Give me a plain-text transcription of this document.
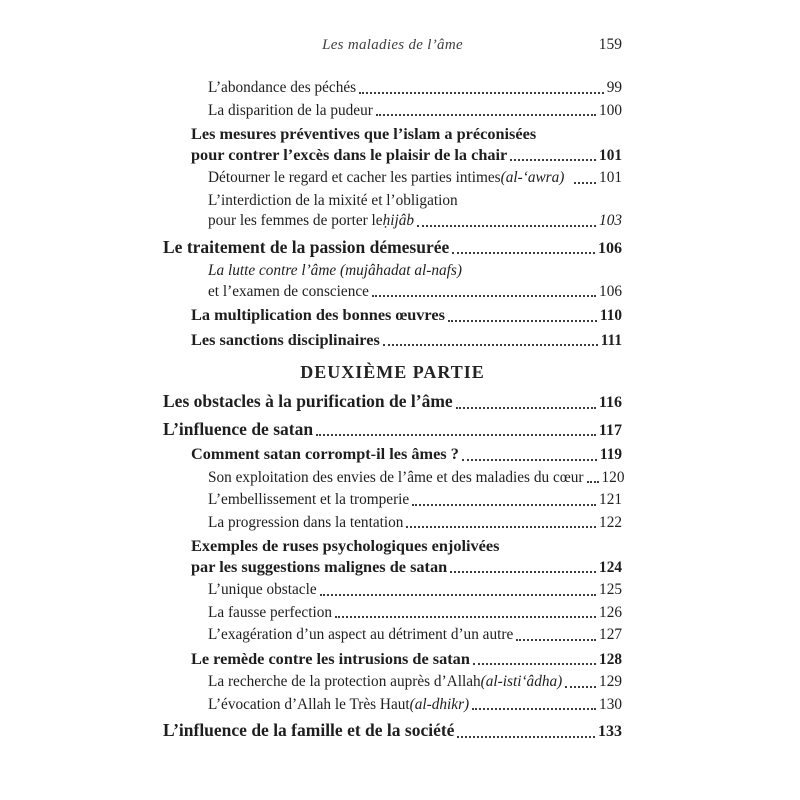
Les maladies de l’âme	159
L’abondance des péchés	99
La disparition de la pudeur	100
Les mesures préventives que l’islam a préconisées
pour contrer l’excès dans le plaisir de la chair	101
Détourner le regard et cacher les parties intimes (al-‘awra) 101
L’interdiction de la mixité et l’obligation
pour les femmes de porter le ḥijâb	103
Le traitement de la passion démesurée	106
La lutte contre l’âme (mujâhadat al-nafs)
et l’examen de conscience	106
La multiplication des bonnes œuvres	110
Les sanctions disciplinaires	111
DEUXIÈME PARTIE
Les obstacles à la purification de l’âme	116
L’influence de satan	117
Comment satan corrompt-il les âmes ?	119
Son exploitation des envies de l’âme et des maladies du cœur 120
L’embellissement et la tromperie	121
La progression dans la tentation	122
Exemples de ruses psychologiques enjolivées
par les suggestions malignes de satan	124
L’unique obstacle	125
La fausse perfection	126
L’exagération d’un aspect au détriment d’un autre	127
Le remède contre les intrusions de satan	128
La recherche de la protection auprès d’Allah (al-isti‘âdha) 129
L’évocation d’Allah le Très Haut (al-dhikr)	130
L’influence de la famille et de la société	133
